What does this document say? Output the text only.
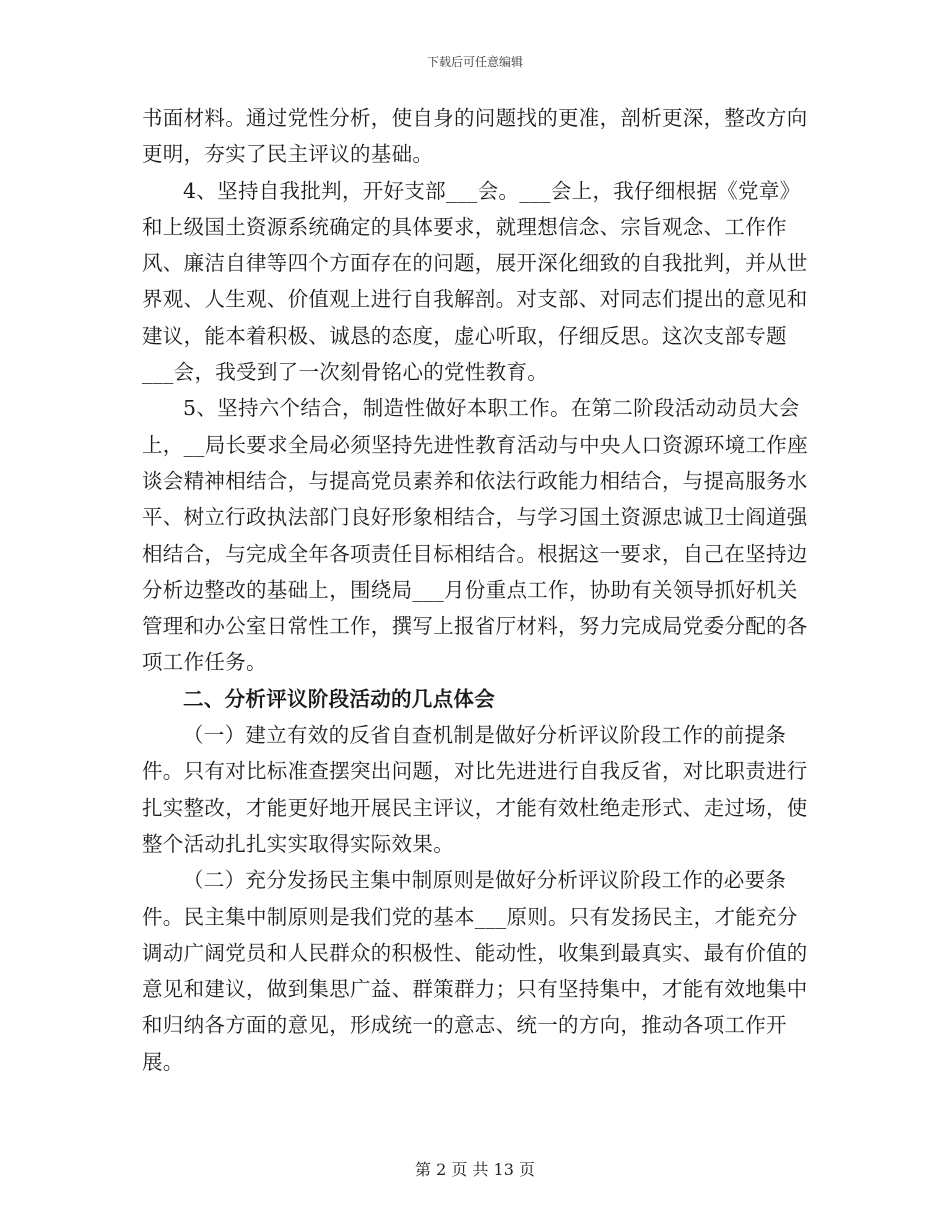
下载后可任意编辑

书面材料。通过党性分析，使自身的问题找的更准，剖析更深，整改方向更明，夯实了民主评议的基础。

4、坚持自我批判，开好支部___会。___会上，我仔细根据《党章》和上级国土资源系统确定的具体要求，就理想信念、宗旨观念、工作作风、廉洁自律等四个方面存在的问题，展开深化细致的自我批判，并从世界观、人生观、价值观上进行自我解剖。对支部、对同志们提出的意见和建议，能本着积极、诚恳的态度，虚心听取，仔细反思。这次支部专题___会，我受到了一次刻骨铭心的党性教育。

5、坚持六个结合，制造性做好本职工作。在第二阶段活动动员大会上，__局长要求全局必须坚持先进性教育活动与中央人口资源环境工作座谈会精神相结合，与提高党员素养和依法行政能力相结合，与提高服务水平、树立行政执法部门良好形象相结合，与学习国土资源忠诚卫士阎道强相结合，与完成全年各项责任目标相结合。根据这一要求，自己在坚持边分析边整改的基础上，围绕局___月份重点工作，协助有关领导抓好机关管理和办公室日常性工作，撰写上报省厅材料，努力完成局党委分配的各项工作任务。

二、分析评议阶段活动的几点体会

（一）建立有效的反省自查机制是做好分析评议阶段工作的前提条件。只有对比标准查摆突出问题，对比先进进行自我反省，对比职责进行扎实整改，才能更好地开展民主评议，才能有效杜绝走形式、走过场，使整个活动扎扎实实取得实际效果。

（二）充分发扬民主集中制原则是做好分析评议阶段工作的必要条件。民主集中制原则是我们党的基本___原则。只有发扬民主，才能充分调动广阔党员和人民群众的积极性、能动性，收集到最真实、最有价值的意见和建议，做到集思广益、群策群力；只有坚持集中，才能有效地集中和归纳各方面的意见，形成统一的意志、统一的方向，推动各项工作开展。

第 2 页 共 13 页
